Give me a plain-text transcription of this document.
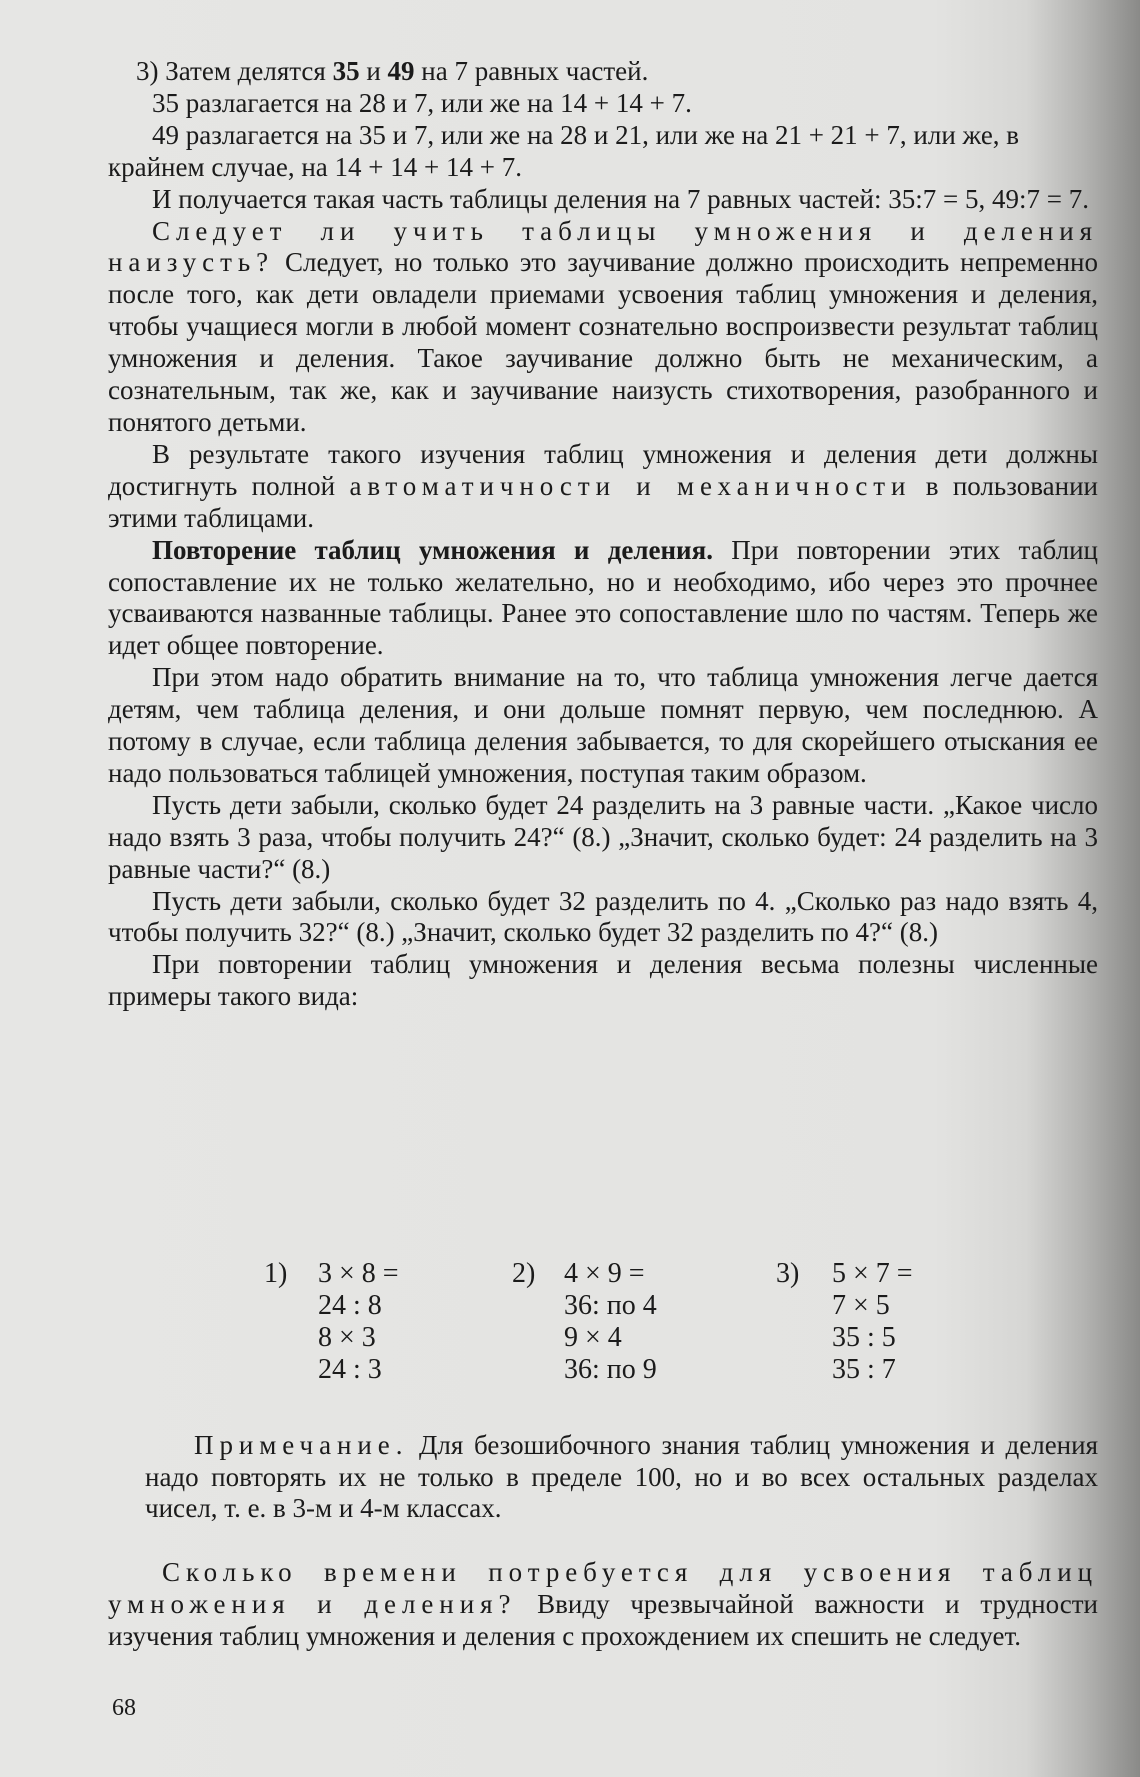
3) Затем делятся 35 и 49 на 7 равных частей.

35 разлагается на 28 и 7, или же на 14 + 14 + 7.

49 разлагается на 35 и 7, или же на 28 и 21, или же на 21 + 21 + 7, или же, в крайнем случае, на 14 + 14 + 14 + 7.

И получается такая часть таблицы деления на 7 равных частей: 35:7 = 5, 49:7 = 7.

Следует ли учить таблицы умножения и деления наизусть? Следует, но только это заучивание должно происходить непременно после того, как дети овладели приемами усвоения таблиц умножения и деления, чтобы учащиеся могли в любой момент сознательно воспроизвести результат таблиц умножения и деления. Такое заучивание должно быть не механическим, а сознательным, так же, как и заучивание наизусть стихотворения, разобранного и понятого детьми.

В результате такого изучения таблиц умножения и деления дети должны достигнуть полной автоматичности и механичности в пользовании этими таблицами.

Повторение таблиц умножения и деления. При повторении этих таблиц сопоставление их не только желательно, но и необходимо, ибо через это прочнее усваиваются названные таблицы. Ранее это сопоставление шло по частям. Теперь же идет общее повторение.

При этом надо обратить внимание на то, что таблица умножения легче дается детям, чем таблица деления, и они дольше помнят первую, чем последнюю. А потому в случае, если таблица деления забывается, то для скорейшего отыскания ее надо пользоваться таблицей умножения, поступая таким образом.

Пусть дети забыли, сколько будет 24 разделить на 3 равные части. „Какое число надо взять 3 раза, чтобы получить 24?“ (8.) „Значит, сколько будет: 24 разделить на 3 равные части?“ (8.)

Пусть дети забыли, сколько будет 32 разделить по 4. „Сколько раз надо взять 4, чтобы получить 32?“ (8.) „Значит, сколько будет 32 разделить по 4?“ (8.)

При повторении таблиц умножения и деления весьма полезны численные примеры такого вида:

1) 3 × 8 =
24 : 8
8 × 3
24 : 3
2) 4 × 9 =
36: по 4
9 × 4
36: по 9
3) 5 × 7 =
7 × 5
35 : 5
35 : 7

Примечание. Для безошибочного знания таблиц умножения и деления надо повторять их не только в пределе 100, но и во всех остальных разделах чисел, т. е. в 3-м и 4-м классах.

Сколько времени потребуется для усвоения таблиц умножения и деления? Ввиду чрезвычайной важности и трудности изучения таблиц умножения и деления с прохождением их спешить не следует.

68
